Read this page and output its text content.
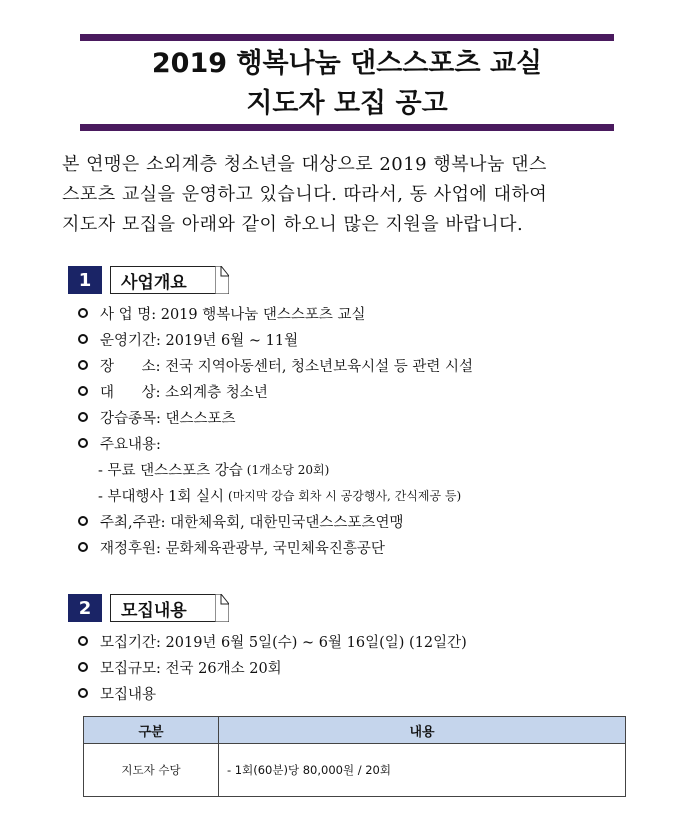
2019 행복나눔 댄스스포츠 교실
지도자 모집 공고
본 연맹은 소외계층 청소년을 대상으로 2019 행복나눔 댄스
스포츠 교실을 운영하고 있습니다. 따라서, 동 사업에 대하여
지도자 모집을 아래와 같이 하오니 많은 지원을 바랍니다.
1	사업개요
사 업 명: 2019 행복나눔 댄스스포츠 교실
운영기간: 2019년 6월 ~ 11월
장      소: 전국 지역아동센터, 청소년보육시설 등 관련 시설
대      상: 소외계층 청소년
강습종목: 댄스스포츠
주요내용:
- 무료 댄스스포츠 강습 (1개소당 20회)
- 부대행사 1회 실시 (마지막 강습 회차 시 공강행사, 간식제공 등)
주최,주관: 대한체육회, 대한민국댄스스포츠연맹
재정후원: 문화체육관광부, 국민체육진흥공단
2	모집내용
모집기간: 2019년 6월 5일(수) ~ 6월 16일(일) (12일간)
모집규모: 전국 26개소 20회
모집내용
구분	내용
지도자 수당	- 1회(60분)당 80,000원 / 20회
